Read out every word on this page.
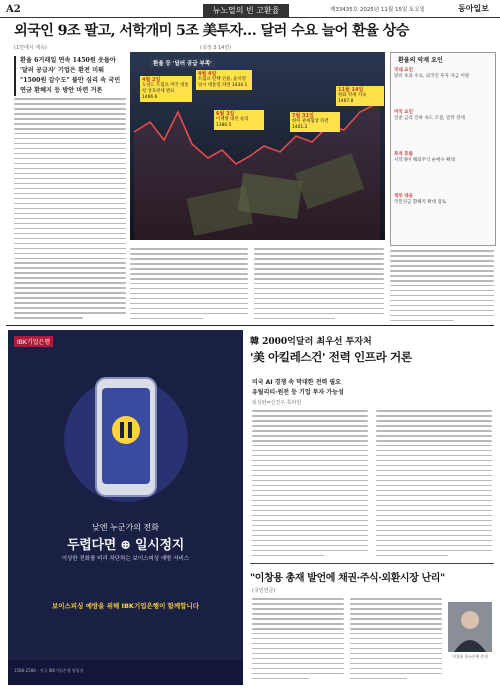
A2	뉴노멀의 빈 고환율	제33435호 2025년 11월 15일 토요일	동아일보
외국인 9조 팔고, 서학개미 5조 美투자… 달러 수요 늘어 환율 상승
(1면에서 계속)	(국정 3·14면)
환율 6거래일 연속 1450원 웃돌아
'달러 공급자' 기업은 환전 미뤄
"1500원 갈수도" 불안 심리 속 국민연금 환헤지 등 방안 마련 거론
환율 등 '달러 공급 부족'
4월 2일
도널드 트럼프 미국 대통령 상호관세 발표 1466.6
4월 4일
트럼프 탄핵 인용, 윤석열 당시 대통령 파면 1434.1
6월 3일
이재명 대선 승리 1380.5
7월 31일
한미 관세협상 타결 1401.2
11월 14일
원화 약세 지속 1467.8
환율의 악재 요인
국내 요인
달러 초과 수요, 외국인 투자 자금 이탈
미국 요인
연준 금리 인하 속도 조절, 달러 강세
투자 흐름
서학개미 해외주식 순매수 확대
정부 대응
국민연금 환헤지 확대 검토
IBK기업은행
낮엔 누군가의 전화
두렵다면 ⊕ 일시정지
이상한 전화를 미리 차단하는 보이스피싱 예방 서비스
보이스피싱 예방을 위해 IBK기업은행이 함께합니다
1588-2588 · 전국 IBK기업은행 영업점
韓 2000억달러 최우선 투자처
'美 아킬레스건' 전력 인프라 거론
미국 AI 경쟁 속 막대한 전력 필요
유틸리티·원전 등 기업 투자 가능성
워싱턴=신진우 특파원
"이창용 총재 발언에 채권·주식·외환시장 난리"
(국민연금)
이창용 한국은행 총재
